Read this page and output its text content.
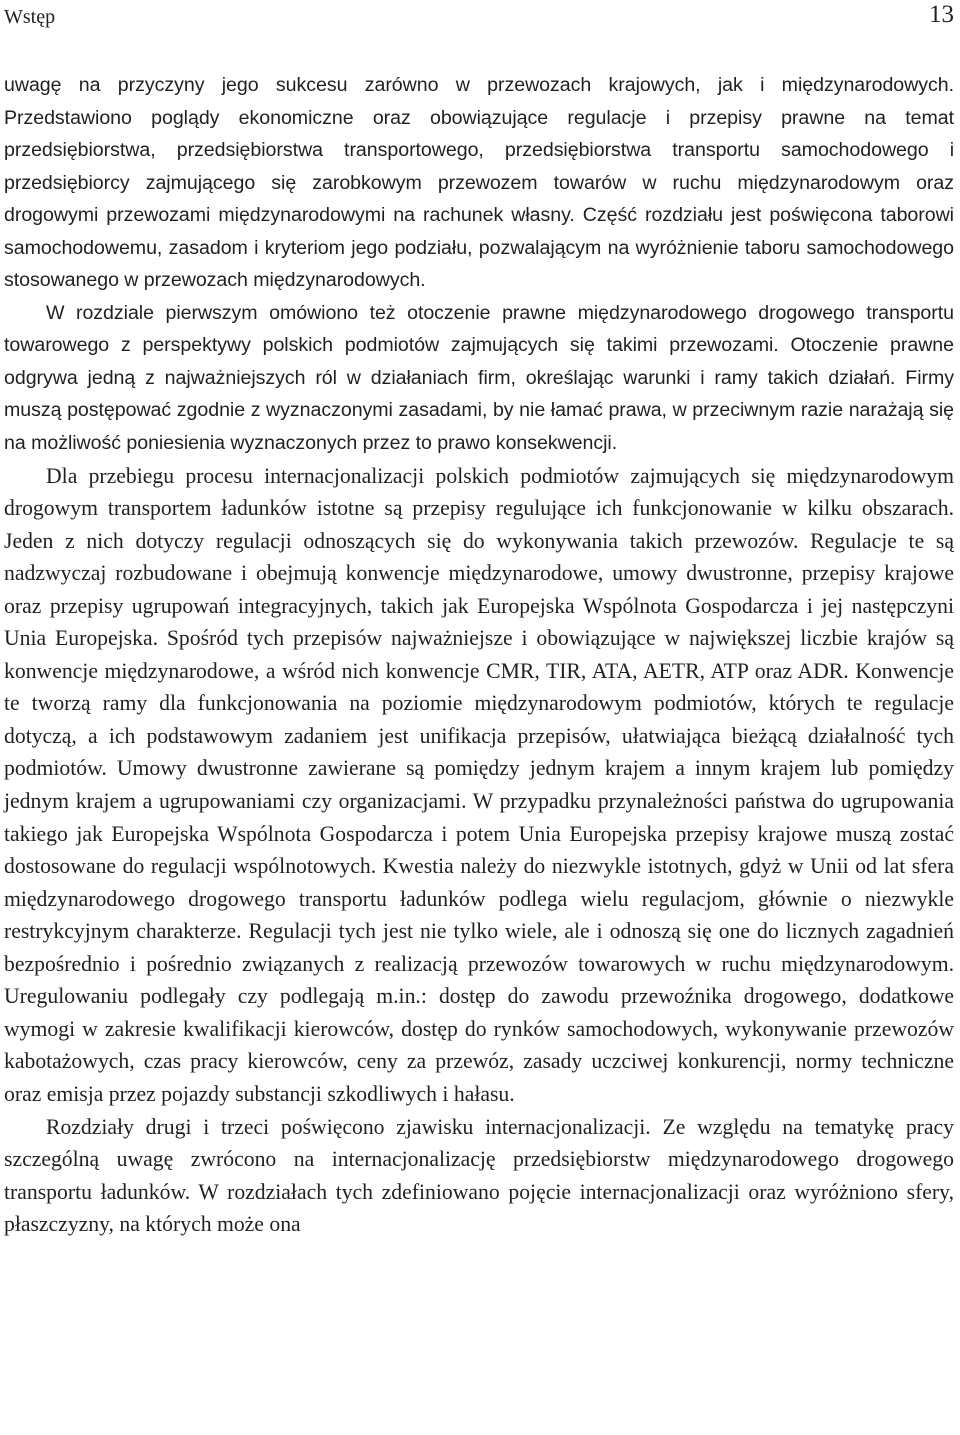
Wstęp	13

uwagę na przyczyny jego sukcesu zarówno w przewozach krajowych, jak i międzynarodowych. Przedstawiono poglądy ekonomiczne oraz obowiązujące regulacje i przepisy prawne na temat przedsiębiorstwa, przedsiębiorstwa transportowego, przedsiębiorstwa transportu samochodowego i przedsiębiorcy zajmującego się zarobkowym przewozem towarów w ruchu międzynarodowym oraz drogowymi przewozami międzynarodowymi na rachunek własny. Część rozdziału jest poświęcona taborowi samochodowemu, zasadom i kryteriom jego podziału, pozwalającym na wyróżnienie taboru samochodowego stosowanego w przewozach międzynarodowych.

W rozdziale pierwszym omówiono też otoczenie prawne międzynarodowego drogowego transportu towarowego z perspektywy polskich podmiotów zajmujących się takimi przewozami. Otoczenie prawne odgrywa jedną z najważniejszych ról w działaniach firm, określając warunki i ramy takich działań. Firmy muszą postępować zgodnie z wyznaczonymi zasadami, by nie łamać prawa, w przeciwnym razie narażają się na możliwość poniesienia wyznaczonych przez to prawo konsekwencji.

Dla przebiegu procesu internacjonalizacji polskich podmiotów zajmujących się międzynarodowym drogowym transportem ładunków istotne są przepisy regulujące ich funkcjonowanie w kilku obszarach. Jeden z nich dotyczy regulacji odnoszących się do wykonywania takich przewozów. Regulacje te są nadzwyczaj rozbudowane i obejmują konwencje międzynarodowe, umowy dwustronne, przepisy krajowe oraz przepisy ugrupowań integracyjnych, takich jak Europejska Wspólnota Gospodarcza i jej następczyni Unia Europejska. Spośród tych przepisów najważniejsze i obowiązujące w największej liczbie krajów są konwencje międzynarodowe, a wśród nich konwencje CMR, TIR, ATA, AETR, ATP oraz ADR. Konwencje te tworzą ramy dla funkcjonowania na poziomie międzynarodowym podmiotów, których te regulacje dotyczą, a ich podstawowym zadaniem jest unifikacja przepisów, ułatwiająca bieżącą działalność tych podmiotów. Umowy dwustronne zawierane są pomiędzy jednym krajem a innym krajem lub pomiędzy jednym krajem a ugrupowaniami czy organizacjami. W przypadku przynależności państwa do ugrupowania takiego jak Europejska Wspólnota Gospodarcza i potem Unia Europejska przepisy krajowe muszą zostać dostosowane do regulacji wspólnotowych. Kwestia należy do niezwykle istotnych, gdyż w Unii od lat sfera międzynarodowego drogowego transportu ładunków podlega wielu regulacjom, głównie o niezwykle restrykcyjnym charakterze. Regulacji tych jest nie tylko wiele, ale i odnoszą się one do licznych zagadnień bezpośrednio i pośrednio związanych z realizacją przewozów towarowych w ruchu międzynarodowym. Uregulowaniu podlegały czy podlegają m.in.: dostęp do zawodu przewoźnika drogowego, dodatkowe wymogi w zakresie kwalifikacji kierowców, dostęp do rynków samochodowych, wykonywanie przewozów kabotażowych, czas pracy kierowców, ceny za przewóz, zasady uczciwej konkurencji, normy techniczne oraz emisja przez pojazdy substancji szkodliwych i hałasu.

Rozdziały drugi i trzeci poświęcono zjawisku internacjonalizacji. Ze względu na tematykę pracy szczególną uwagę zwrócono na internacjonalizację przedsiębiorstw międzynarodowego drogowego transportu ładunków. W rozdziałach tych zdefiniowano pojęcie internacjonalizacji oraz wyróżniono sfery, płaszczyzny, na których może ona
